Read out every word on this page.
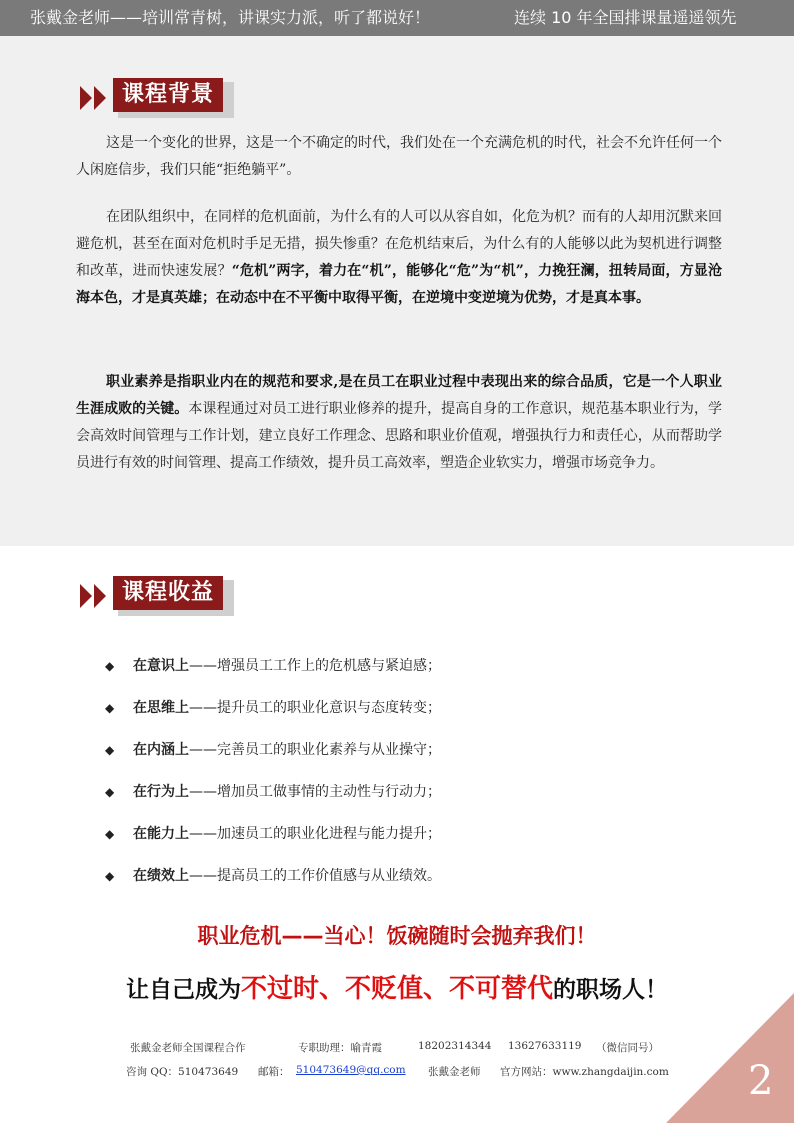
张戴金老师——培训常青树，讲课实力派，听了都说好！	连续 10 年全国排课量遥遥领先
课程背景

这是一个变化的世界，这是一个不确定的时代，我们处在一个充满危机的时代，社会不允许任何一个人闲庭信步，我们只能“拒绝躺平”。

在团队组织中，在同样的危机面前，为什么有的人可以从容自如，化危为机？而有的人却用沉默来回避危机，甚至在面对危机时手足无措，损失惨重？在危机结束后，为什么有的人能够以此为契机进行调整和改革，进而快速发展？“危机”两字，着力在“机”，能够化“危”为“机”，力挽狂澜，扭转局面，方显沧海本色，才是真英雄；在动态中在不平衡中取得平衡，在逆境中变逆境为优势，才是真本事。

职业素养是指职业内在的规范和要求,是在员工在职业过程中表现出来的综合品质，它是一个人职业生涯成败的关键。本课程通过对员工进行职业修养的提升，提高自身的工作意识，规范基本职业行为，学会高效时间管理与工作计划，建立良好工作理念、思路和职业价值观，增强执行力和责任心，从而帮助学员进行有效的时间管理、提高工作绩效，提升员工高效率，塑造企业软实力，增强市场竞争力。

课程收益
◆ 在意识上——增强员工工作上的危机感与紧迫感；
◆ 在思维上——提升员工的职业化意识与态度转变；
◆ 在内涵上——完善员工的职业化素养与从业操守；
◆ 在行为上——增加员工做事情的主动性与行动力；
◆ 在能力上——加速员工的职业化进程与能力提升；
◆ 在绩效上——提高员工的工作价值感与从业绩效。
职业危机——当心！饭碗随时会抛弃我们！
让自己成为不过时、不贬值、不可替代的职场人！
张戴金老师全国课程合作	专职助理：喻青霞	18202314344 13627633119 （微信同号）
咨询 QQ：510473649 邮箱： 510473649@qq.com 张戴金老师 官方网站：www.zhangdaijin.com 2
